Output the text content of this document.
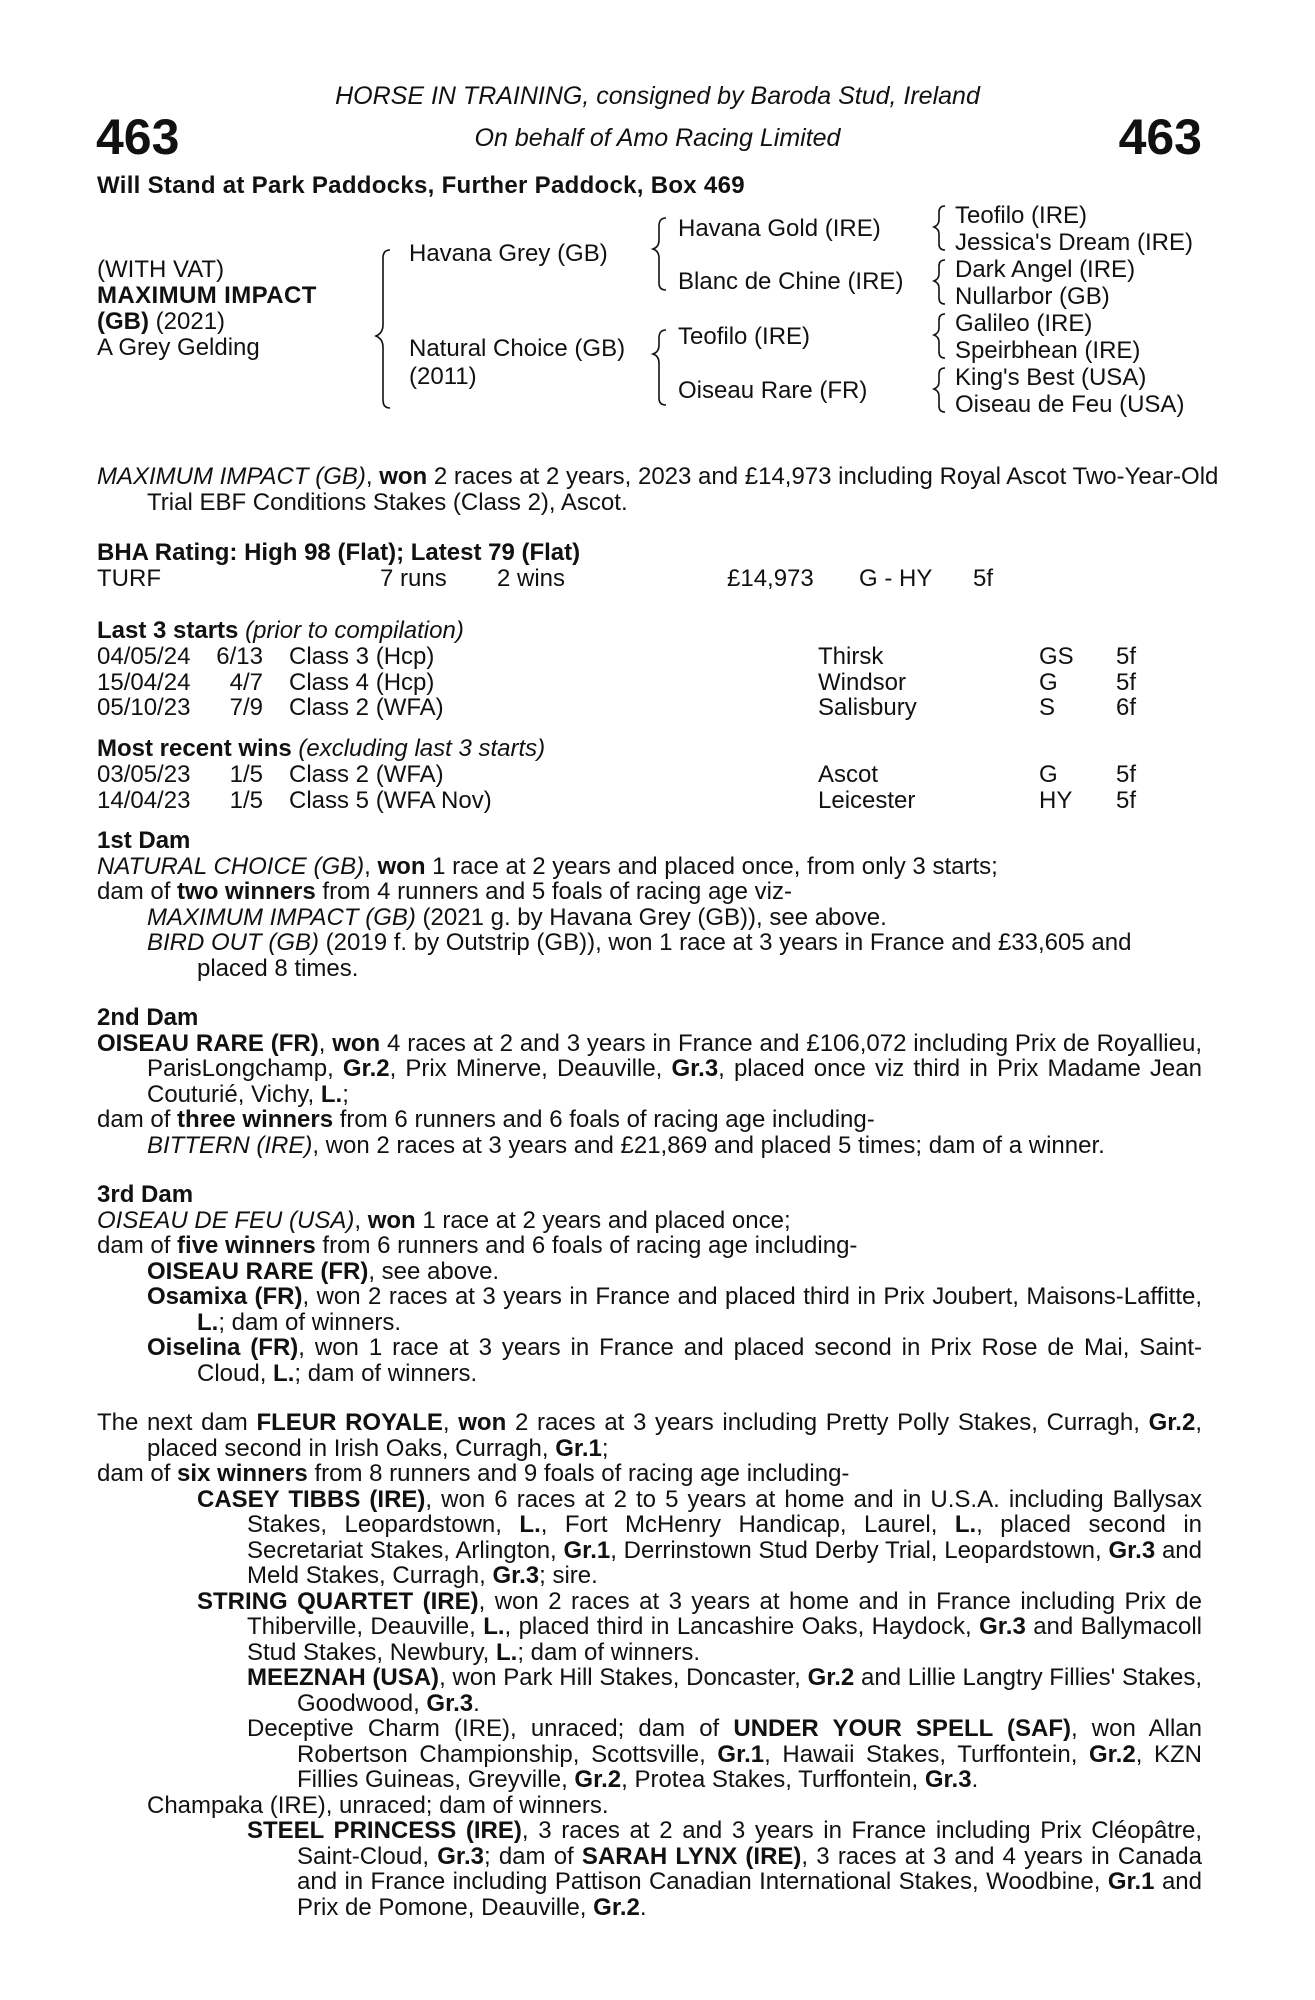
463	463
HORSE IN TRAINING, consigned by Baroda Stud, Ireland
On behalf of Amo Racing Limited
Will Stand at Park Paddocks, Further Paddock, Box 469
(WITH VAT)
MAXIMUM IMPACT
(GB) (2021)
A Grey Gelding
Havana Grey (GB)
Natural Choice (GB)
(2011)
Havana Gold (IRE)
Blanc de Chine (IRE)
Teofilo (IRE)
Oiseau Rare (FR)
Teofilo (IRE)
Jessica's Dream (IRE)
Dark Angel (IRE)
Nullarbor (GB)
Galileo (IRE)
Speirbhean (IRE)
King's Best (USA)
Oiseau de Feu (USA)
MAXIMUM IMPACT (GB), won 2 races at 2 years, 2023 and £14,973 including Royal Ascot Two-Year-Old Trial EBF Conditions Stakes (Class 2), Ascot.
BHA Rating: High 98 (Flat); Latest 79 (Flat)
TURF	7 runs 2 wins	£14,973 G - HY 5f
Last 3 starts (prior to compilation)
04/05/24	6/13 Class 3 (Hcp)	Thirsk	GS 5f
15/04/24	4/7 Class 4 (Hcp)	Windsor	G 5f
05/10/23	7/9 Class 2 (WFA)	Salisbury	S	6f
Most recent wins (excluding last 3 starts)
03/05/23	1/5 Class 2 (WFA)	Ascot	G 5f
14/04/23	1/5 Class 5 (WFA Nov)	Leicester	HY 5f
1st Dam
NATURAL CHOICE (GB), won 1 race at 2 years and placed once, from only 3 starts;
dam of two winners from 4 runners and 5 foals of racing age viz-
MAXIMUM IMPACT (GB) (2021 g. by Havana Grey (GB)), see above.
BIRD OUT (GB) (2019 f. by Outstrip (GB)), won 1 race at 3 years in France and £33,605 and placed 8 times.
2nd Dam
OISEAU RARE (FR), won 4 races at 2 and 3 years in France and £106,072 including Prix de Royallieu, ParisLongchamp, Gr.2, Prix Minerve, Deauville, Gr.3, placed once viz third in Prix Madame Jean Couturié, Vichy, L.;
dam of three winners from 6 runners and 6 foals of racing age including-
BITTERN (IRE), won 2 races at 3 years and £21,869 and placed 5 times; dam of a winner.
3rd Dam
OISEAU DE FEU (USA), won 1 race at 2 years and placed once;
dam of five winners from 6 runners and 6 foals of racing age including-
OISEAU RARE (FR), see above.
Osamixa (FR), won 2 races at 3 years in France and placed third in Prix Joubert, Maisons-Laffitte, L.; dam of winners.
Oiselina (FR), won 1 race at 3 years in France and placed second in Prix Rose de Mai, Saint-Cloud, L.; dam of winners.
The next dam FLEUR ROYALE, won 2 races at 3 years including Pretty Polly Stakes, Curragh, Gr.2, placed second in Irish Oaks, Curragh, Gr.1;
dam of six winners from 8 runners and 9 foals of racing age including-
CASEY TIBBS (IRE), won 6 races at 2 to 5 years at home and in U.S.A. including Ballysax Stakes, Leopardstown, L., Fort McHenry Handicap, Laurel, L., placed second in Secretariat Stakes, Arlington, Gr.1, Derrinstown Stud Derby Trial, Leopardstown, Gr.3 and Meld Stakes, Curragh, Gr.3; sire.
STRING QUARTET (IRE), won 2 races at 3 years at home and in France including Prix de Thiberville, Deauville, L., placed third in Lancashire Oaks, Haydock, Gr.3 and Ballymacoll Stud Stakes, Newbury, L.; dam of winners.
MEEZNAH (USA), won Park Hill Stakes, Doncaster, Gr.2 and Lillie Langtry Fillies' Stakes, Goodwood, Gr.3.
Deceptive Charm (IRE), unraced; dam of UNDER YOUR SPELL (SAF), won Allan Robertson Championship, Scottsville, Gr.1, Hawaii Stakes, Turffontein, Gr.2, KZN Fillies Guineas, Greyville, Gr.2, Protea Stakes, Turffontein, Gr.3.
Champaka (IRE), unraced; dam of winners.
STEEL PRINCESS (IRE), 3 races at 2 and 3 years in France including Prix Cléopâtre, Saint-Cloud, Gr.3; dam of SARAH LYNX (IRE), 3 races at 3 and 4 years in Canada and in France including Pattison Canadian International Stakes, Woodbine, Gr.1 and Prix de Pomone, Deauville, Gr.2.
